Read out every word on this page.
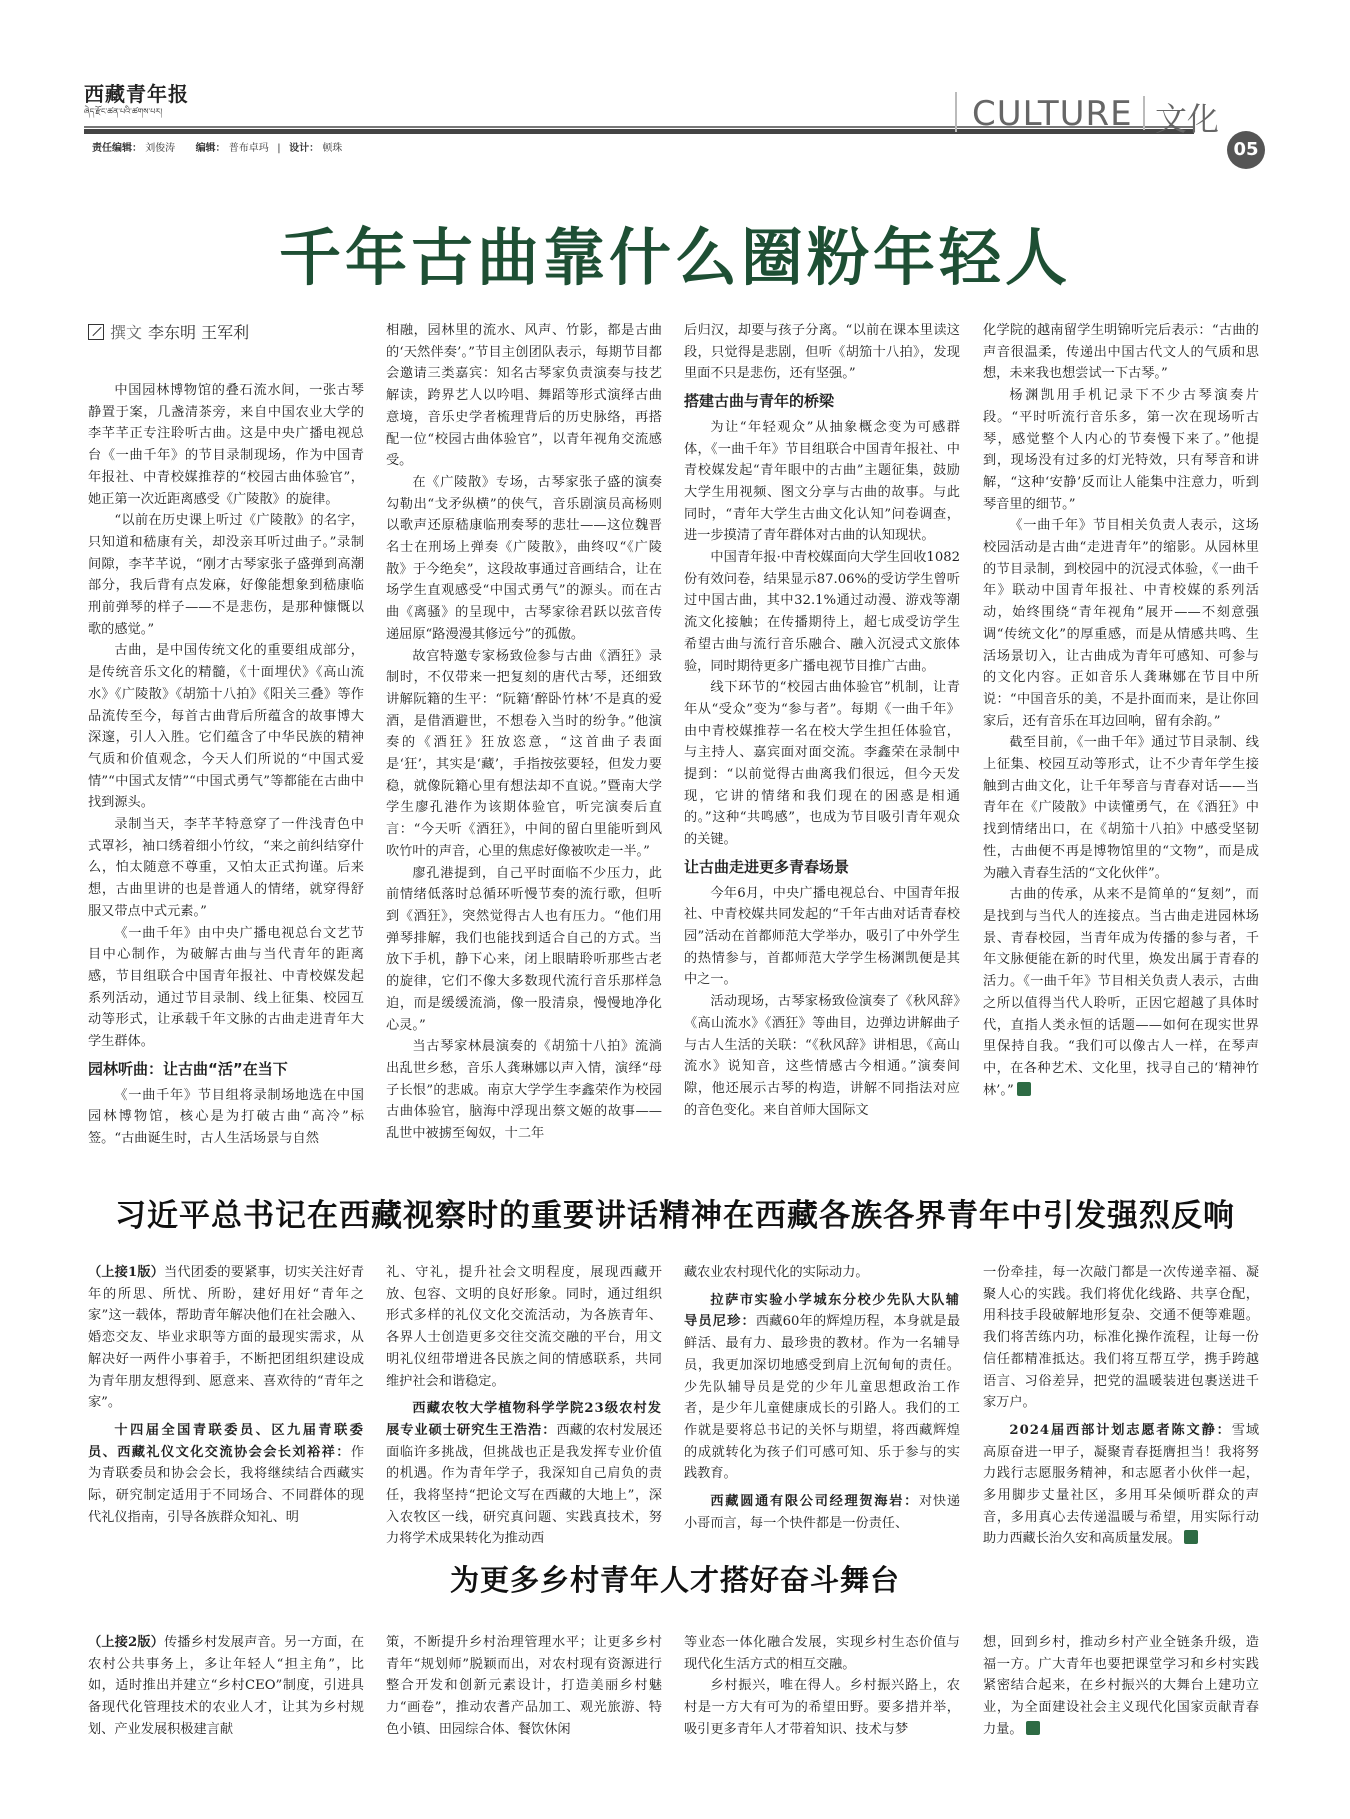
西藏青年报
ཞེད་རྫོང་ཚན་པའི་ཚགས་པར།
责任编辑： 刘俊涛 编辑： 普布卓玛 | 设计： 顿珠
CULTURE 文化
05
千年古曲靠什么圈粉年轻人
撰文 李东明 王军利

中国园林博物馆的叠石流水间，一张古琴静置于案，几盏清茶旁，来自中国农业大学的李芊芊正专注聆听古曲。这是中央广播电视总台《一曲千年》的节目录制现场，作为中国青年报社、中青校媒推荐的“校园古曲体验官”，她正第一次近距离感受《广陵散》的旋律。

“以前在历史课上听过《广陵散》的名字，只知道和嵇康有关，却没亲耳听过曲子。”录制间隙，李芊芊说，“刚才古琴家张子盛弹到高潮部分，我后背有点发麻，好像能想象到嵇康临刑前弹琴的样子——不是悲伤，是那种慷慨以歌的感觉。”

古曲，是中国传统文化的重要组成部分，是传统音乐文化的精髓，《十面埋伏》《高山流水》《广陵散》《胡笳十八拍》《阳关三叠》等作品流传至今，每首古曲背后所蕴含的故事博大深邃，引人入胜。它们蕴含了中华民族的精神气质和价值观念，今天人们所说的“中国式爱情”“中国式友情”“中国式勇气”等都能在古曲中找到源头。

录制当天，李芊芊特意穿了一件浅青色中式罩衫，袖口绣着细小竹纹，“来之前纠结穿什么，怕太随意不尊重，又怕太正式拘谨。后来想，古曲里讲的也是普通人的情绪，就穿得舒服又带点中式元素。”

《一曲千年》由中央广播电视总台文艺节目中心制作，为破解古曲与当代青年的距离感，节目组联合中国青年报社、中青校媒发起系列活动，通过节目录制、线上征集、校园互动等形式，让承载千年文脉的古曲走进青年大学生群体。

园林听曲：让古曲“活”在当下

《一曲千年》节目组将录制场地选在中国园林博物馆，核心是为打破古曲“高冷”标签。“古曲诞生时，古人生活场景与自然

相融，园林里的流水、风声、竹影，都是古曲的‘天然伴奏’。”节目主创团队表示，每期节目都会邀请三类嘉宾：知名古琴家负责演奏与技艺解读，跨界艺人以吟唱、舞蹈等形式演绎古曲意境，音乐史学者梳理背后的历史脉络，再搭配一位“校园古曲体验官”，以青年视角交流感受。

在《广陵散》专场，古琴家张子盛的演奏勾勒出“戈矛纵横”的侠气，音乐剧演员高杨则以歌声还原嵇康临刑奏琴的悲壮——这位魏晋名士在刑场上弹奏《广陵散》，曲终叹“《广陵散》于今绝矣”，这段故事通过音画结合，让在场学生直观感受“中国式勇气”的源头。而在古曲《离骚》的呈现中，古琴家徐君跃以弦音传递屈原“路漫漫其修远兮”的孤傲。

故宫特邀专家杨致俭参与古曲《酒狂》录制时，不仅带来一把复刻的唐代古琴，还细致讲解阮籍的生平：“阮籍‘醉卧竹林’不是真的爱酒，是借酒避世，不想卷入当时的纷争。”他演奏的《酒狂》狂放恣意，“这首曲子表面是‘狂’，其实是‘藏’，手指按弦要轻，但发力要稳，就像阮籍心里有想法却不直说。”暨南大学学生廖孔港作为该期体验官，听完演奏后直言：“今天听《酒狂》，中间的留白里能听到风吹竹叶的声音，心里的焦虑好像被吹走一半。”

廖孔港提到，自己平时面临不少压力，此前情绪低落时总循环听慢节奏的流行歌，但听到《酒狂》，突然觉得古人也有压力。“他们用弹琴排解，我们也能找到适合自己的方式。当放下手机，静下心来，闭上眼睛聆听那些古老的旋律，它们不像大多数现代流行音乐那样急迫，而是缓缓流淌，像一股清泉，慢慢地净化心灵。”

当古琴家林晨演奏的《胡笳十八拍》流淌出乱世乡愁，音乐人龚琳娜以声入情，演绎“母子长恨”的悲戚。南京大学学生李鑫荣作为校园古曲体验官，脑海中浮现出蔡文姬的故事——乱世中被掳至匈奴，十二年

后归汉，却要与孩子分离。“以前在课本里读这段，只觉得是悲剧，但听《胡笳十八拍》，发现里面不只是悲伤，还有坚强。”

搭建古曲与青年的桥梁

为让“年轻观众”从抽象概念变为可感群体，《一曲千年》节目组联合中国青年报社、中青校媒发起“青年眼中的古曲”主题征集，鼓励大学生用视频、图文分享与古曲的故事。与此同时，“青年大学生古曲文化认知”问卷调查，进一步摸清了青年群体对古曲的认知现状。

中国青年报·中青校媒面向大学生回收1082份有效问卷，结果显示87.06%的受访学生曾听过中国古曲，其中32.1%通过动漫、游戏等潮流文化接触；在传播期待上，超七成受访学生希望古曲与流行音乐融合、融入沉浸式文旅体验，同时期待更多广播电视节目推广古曲。

线下环节的“校园古曲体验官”机制，让青年从“受众”变为“参与者”。每期《一曲千年》由中青校媒推荐一名在校大学生担任体验官，与主持人、嘉宾面对面交流。李鑫荣在录制中提到：“以前觉得古曲离我们很远，但今天发现，它讲的情绪和我们现在的困惑是相通的。”这种“共鸣感”，也成为节目吸引青年观众的关键。

让古曲走进更多青春场景

今年6月，中央广播电视总台、中国青年报社、中青校媒共同发起的“千年古曲对话青春校园”活动在首都师范大学举办，吸引了中外学生的热情参与，首都师范大学学生杨渊凯便是其中之一。

活动现场，古琴家杨致俭演奏了《秋风辞》《高山流水》《酒狂》等曲目，边弹边讲解曲子与古人生活的关联：“《秋风辞》讲相思，《高山流水》说知音，这些情感古今相通。”演奏间隙，他还展示古琴的构造，讲解不同指法对应的音色变化。来自首师大国际文

化学院的越南留学生明锦听完后表示：“古曲的声音很温柔，传递出中国古代文人的气质和思想，未来我也想尝试一下古琴。”

杨渊凯用手机记录下不少古琴演奏片段。“平时听流行音乐多，第一次在现场听古琴，感觉整个人内心的节奏慢下来了。”他提到，现场没有过多的灯光特效，只有琴音和讲解，“这种‘安静’反而让人能集中注意力，听到琴音里的细节。”

《一曲千年》节目相关负责人表示，这场校园活动是古曲“走进青年”的缩影。从园林里的节目录制，到校园中的沉浸式体验，《一曲千年》联动中国青年报社、中青校媒的系列活动，始终围绕“青年视角”展开——不刻意强调“传统文化”的厚重感，而是从情感共鸣、生活场景切入，让古曲成为青年可感知、可参与的文化内容。正如音乐人龚琳娜在节目中所说：“中国音乐的美，不是扑面而来，是让你回家后，还有音乐在耳边回响，留有余韵。”

截至目前，《一曲千年》通过节目录制、线上征集、校园互动等形式，让不少青年学生接触到古曲文化，让千年琴音与青春对话——当青年在《广陵散》中读懂勇气，在《酒狂》中找到情绪出口，在《胡笳十八拍》中感受坚韧性，古曲便不再是博物馆里的“文物”，而是成为融入青春生活的“文化伙伴”。

古曲的传承，从来不是简单的“复刻”，而是找到与当代人的连接点。当古曲走进园林场景、青春校园，当青年成为传播的参与者，千年文脉便能在新的时代里，焕发出属于青春的活力。《一曲千年》节目相关负责人表示，古曲之所以值得当代人聆听，正因它超越了具体时代，直指人类永恒的话题——如何在现实世界里保持自我。“我们可以像古人一样，在琴声中，在各种艺术、文化里，找寻自己的‘精神竹林’。”

习近平总书记在西藏视察时的重要讲话精神在西藏各族各界青年中引发强烈反响

（上接1版）当代团委的要紧事，切实关注好青年的所思、所忧、所盼，建好用好“青年之家”这一载体，帮助青年解决他们在社会融入、婚恋交友、毕业求职等方面的最现实需求，从解决好一两件小事着手，不断把团组织建设成为青年朋友想得到、愿意来、喜欢待的“青年之家”。

十四届全国青联委员、区九届青联委员、西藏礼仪文化交流协会会长刘裕祥：作为青联委员和协会会长，我将继续结合西藏实际，研究制定适用于不同场合、不同群体的现代礼仪指南，引导各族群众知礼、明

礼、守礼，提升社会文明程度，展现西藏开放、包容、文明的良好形象。同时，通过组织形式多样的礼仪文化交流活动，为各族青年、各界人士创造更多交往交流交融的平台，用文明礼仪纽带增进各民族之间的情感联系，共同维护社会和谐稳定。

西藏农牧大学植物科学学院23级农村发展专业硕士研究生王浩浩：西藏的农村发展还面临许多挑战，但挑战也正是我发挥专业价值的机遇。作为青年学子，我深知自己肩负的责任，我将坚持“把论文写在西藏的大地上”，深入农牧区一线，研究真问题、实践真技术，努力将学术成果转化为推动西

藏农业农村现代化的实际动力。

拉萨市实验小学城东分校少先队大队辅导员尼珍：西藏60年的辉煌历程，本身就是最鲜活、最有力、最珍贵的教材。作为一名辅导员，我更加深切地感受到肩上沉甸甸的责任。少先队辅导员是党的少年儿童思想政治工作者，是少年儿童健康成长的引路人。我们的工作就是要将总书记的关怀与期望，将西藏辉煌的成就转化为孩子们可感可知、乐于参与的实践教育。

西藏圆通有限公司经理贺海岩：对快递小哥而言，每一个快件都是一份责任、

一份牵挂，每一次敲门都是一次传递幸福、凝聚人心的实践。我们将优化线路、共享仓配，用科技手段破解地形复杂、交通不便等难题。我们将苦练内功，标准化操作流程，让每一份信任都精准抵达。我们将互帮互学，携手跨越语言、习俗差异，把党的温暖装进包裹送进千家万户。

2024届西部计划志愿者陈文静：雪域高原奋进一甲子，凝聚青春挺膺担当！我将努力践行志愿服务精神，和志愿者小伙伴一起，多用脚步丈量社区，多用耳朵倾听群众的声音，多用真心去传递温暖与希望，用实际行动助力西藏长治久安和高质量发展。

为更多乡村青年人才搭好奋斗舞台

（上接2版）传播乡村发展声音。另一方面，在农村公共事务上，多让年轻人“担主角”，比如，适时推出并建立“乡村CEO”制度，引进具备现代化管理技术的农业人才，让其为乡村规划、产业发展积极建言献

策，不断提升乡村治理管理水平；让更多乡村青年“规划师”脱颖而出，对农村现有资源进行整合开发和创新元素设计，打造美丽乡村魅力“画卷”，推动农耆产品加工、观光旅游、特色小镇、田园综合体、餐饮休闲

等业态一体化融合发展，实现乡村生态价值与现代化生活方式的相互交融。

乡村振兴，唯在得人。乡村振兴路上，农村是一方大有可为的希望田野。要多措并举，吸引更多青年人才带着知识、技术与梦

想，回到乡村，推动乡村产业全链条升级，造福一方。广大青年也要把课堂学习和乡村实践紧密结合起来，在乡村振兴的大舞台上建功立业，为全面建设社会主义现代化国家贡献青春力量。
